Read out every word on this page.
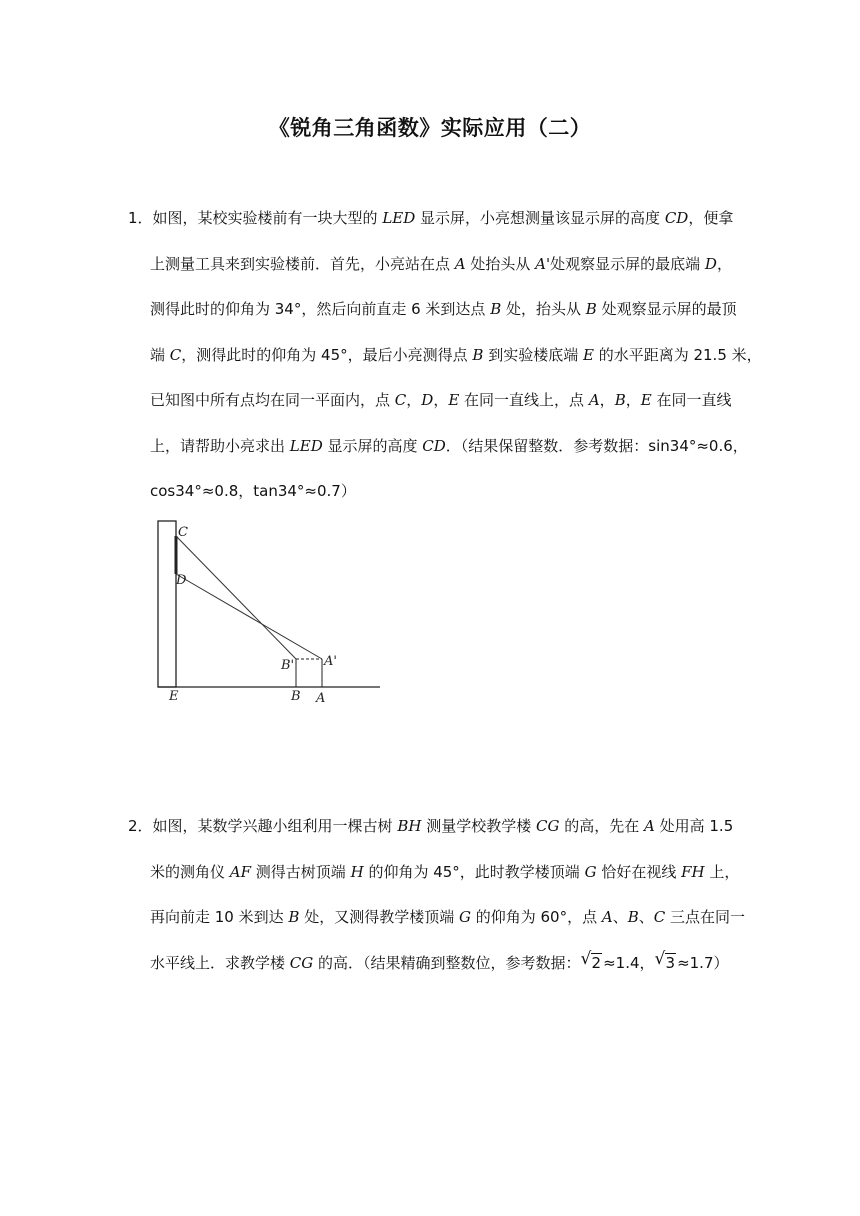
《锐角三角函数》实际应用（二）
1．如图，某校实验楼前有一块大型的 LED 显示屏，小亮想测量该显示屏的高度 CD，便拿
上测量工具来到实验楼前．首先，小亮站在点 A 处抬头从 A'处观察显示屏的最底端 D，
测得此时的仰角为 34°，然后向前直走 6 米到达点 B 处，抬头从 B 处观察显示屏的最顶
端 C，测得此时的仰角为 45°，最后小亮测得点 B 到实验楼底端 E 的水平距离为 21.5 米，
已知图中所有点均在同一平面内，点 C，D，E 在同一直线上，点 A，B，E 在同一直线
上，请帮助小亮求出 LED 显示屏的高度 CD．（结果保留整数．参考数据：sin34°≈0.6，
cos34°≈0.8，tan34°≈0.7）
C
D
E	B A
B' A'
2．如图，某数学兴趣小组利用一棵古树 BH 测量学校教学楼 CG 的高，先在 A 处用高 1.5
米的测角仪 AF 测得古树顶端 H 的仰角为 45°，此时教学楼顶端 G 恰好在视线 FH 上，
再向前走 10 米到达 B 处，又测得教学楼顶端 G 的仰角为 60°，点 A、B、C 三点在同一
水平线上．求教学楼 CG 的高．（结果精确到整数位，参考数据： √ 2 ≈1.4， √ 3 ≈1.7）
